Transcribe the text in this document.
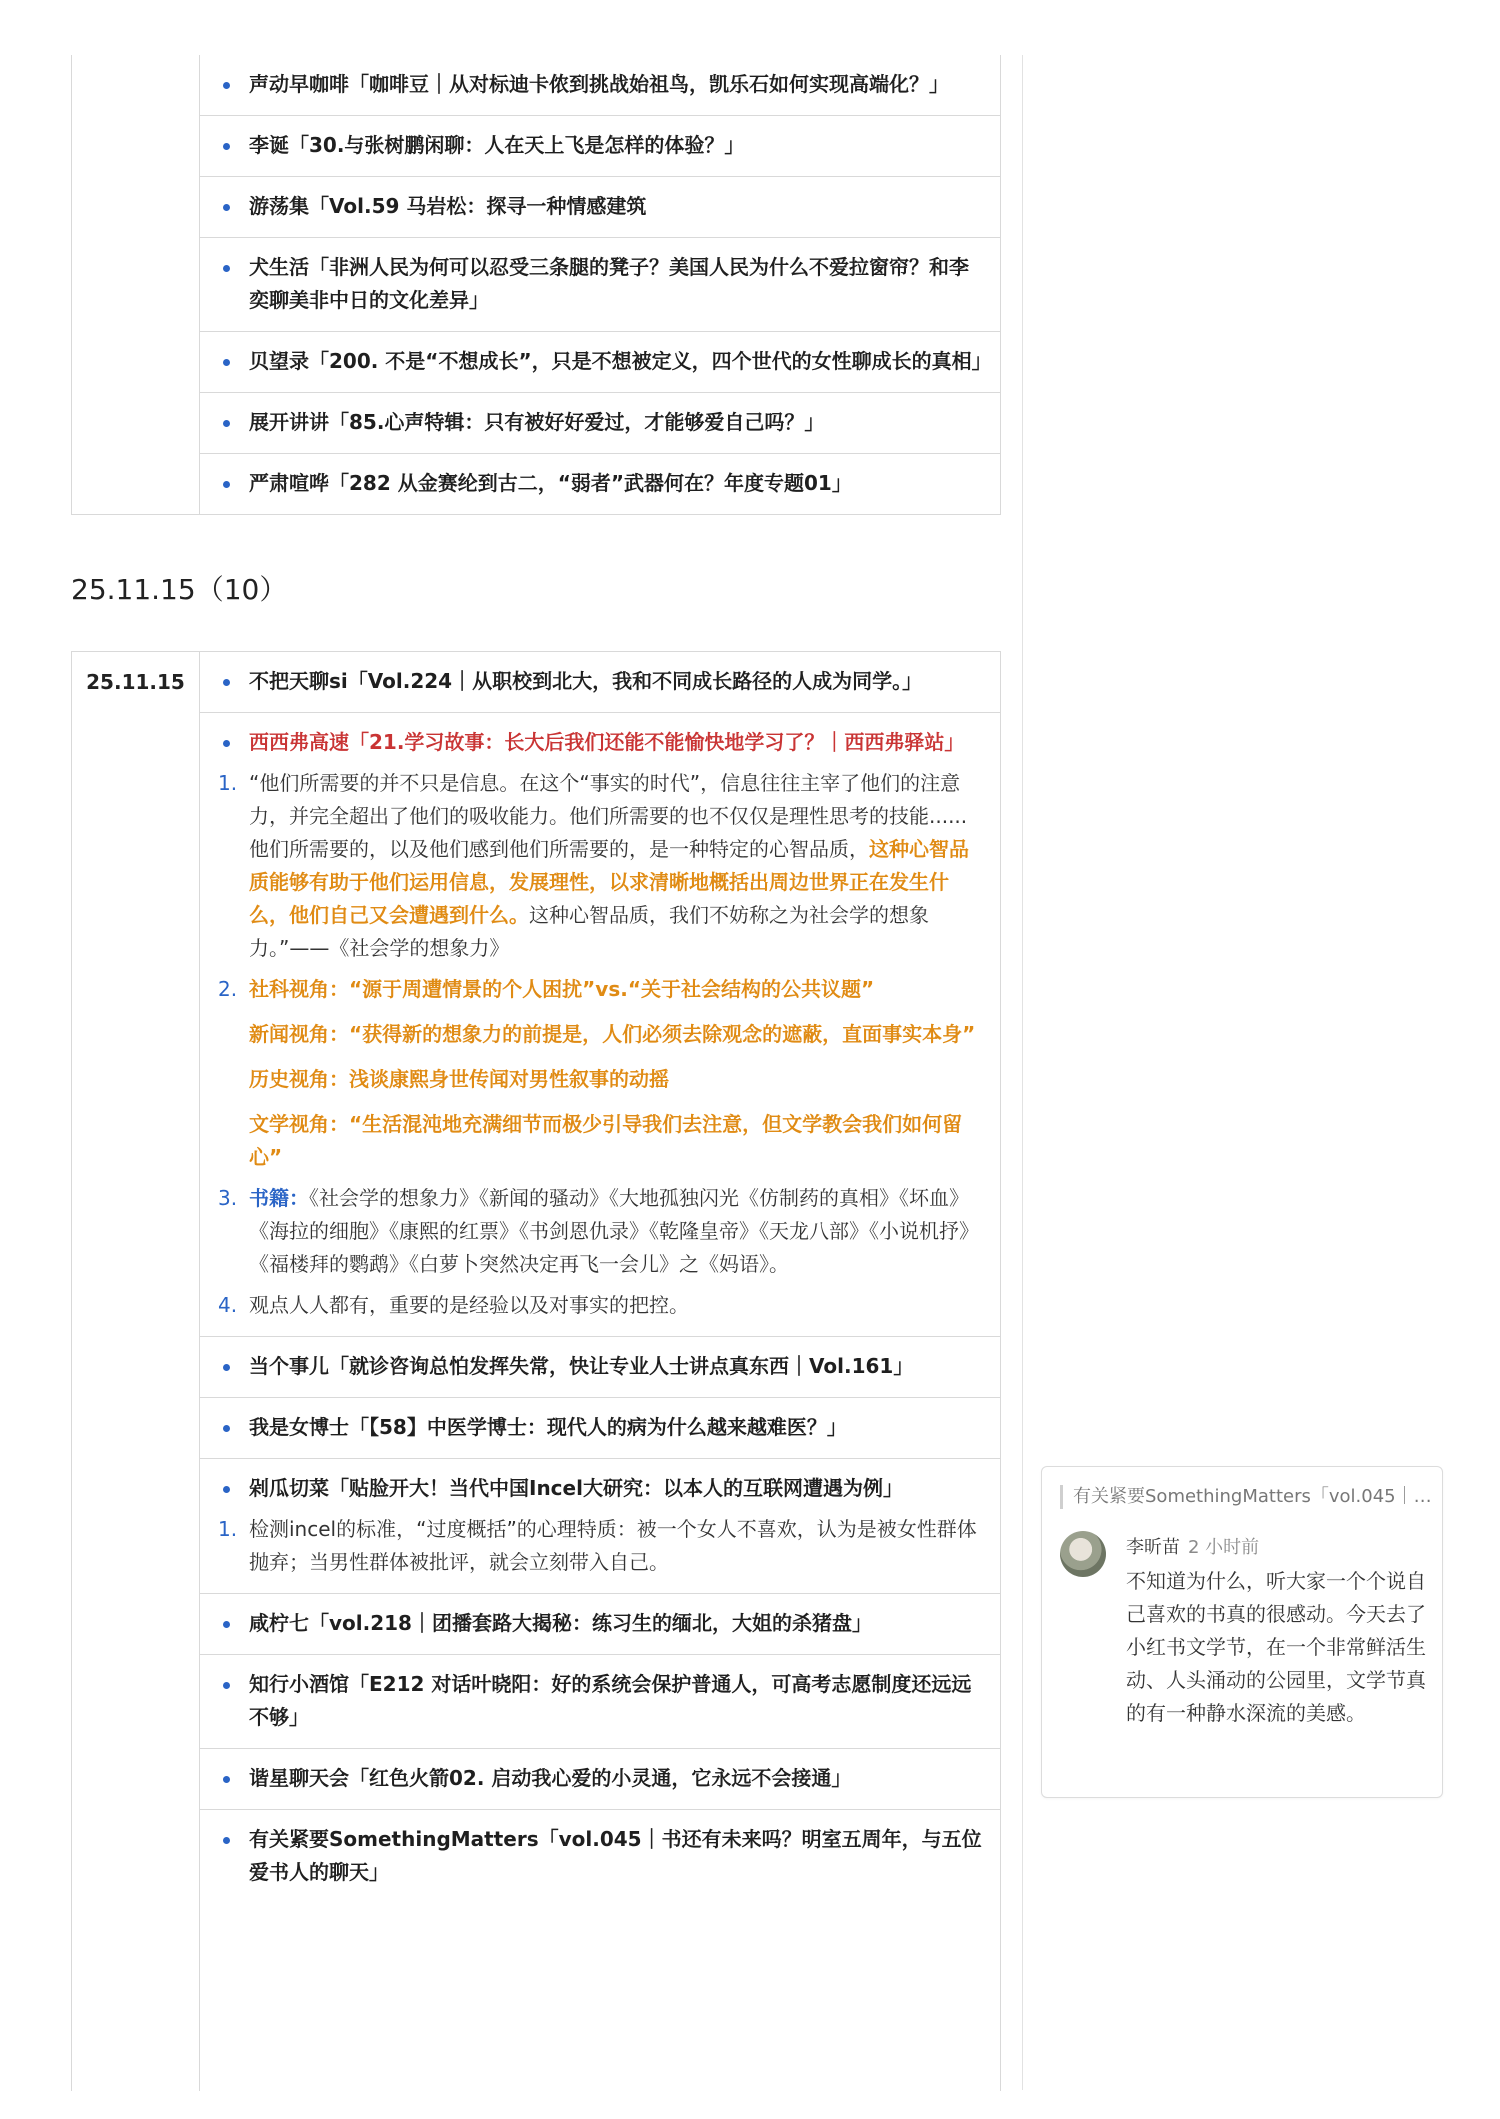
声动早咖啡「咖啡豆｜从对标迪卡侬到挑战始祖鸟，凯乐石如何实现高端化？」
李诞「30.与张树鹏闲聊：人在天上飞是怎样的体验？」
游荡集「Vol.59 马岩松：探寻一种情感建筑
犬生活「非洲人民为何可以忍受三条腿的凳子？美国人民为什么不爱拉窗帘？和李奕聊美非中日的文化差异」
贝望录「200. 不是“不想成长”，只是不想被定义，四个世代的女性聊成长的真相」
展开讲讲「85.心声特辑：只有被好好爱过，才能够爱自己吗？」
严肃喧哗「282 从金赛纶到古二，“弱者”武器何在？年度专题01」
25.11.15（10）
25.11.15	不把天聊si「Vol.224｜从职校到北大，我和不同成长路径的人成为同学。」
西西弗高速「21.学习故事：长大后我们还能不能愉快地学习了？｜西西弗驿站」
1. “他们所需要的并不只是信息。在这个“事实的时代”，信息往往主宰了他们的注意力，并完全超出了他们的吸收能力。他们所需要的也不仅仅是理性思考的技能......他们所需要的，以及他们感到他们所需要的，是一种特定的心智品质，这种心智品质能够有助于他们运用信息，发展理性，以求清晰地概括出周边世界正在发生什么，他们自己又会遭遇到什么。这种心智品质，我们不妨称之为社会学的想象力。”——《社会学的想象力》
2. 社科视角：“源于周遭情景的个人困扰”vs.“关于社会结构的公共议题”

新闻视角：“获得新的想象力的前提是，人们必须去除观念的遮蔽，直面事实本身”

历史视角：浅谈康熙身世传闻对男性叙事的动摇

文学视角：“生活混沌地充满细节而极少引导我们去注意，但文学教会我们如何留心”

3. 书籍：《社会学的想象力》《新闻的骚动》《大地孤独闪光《仿制药的真相》《坏血》《海拉的细胞》《康熙的红票》《书剑恩仇录》《乾隆皇帝》《天龙八部》《小说机抒》《福楼拜的鹦鹉》《白萝卜突然决定再飞一会儿》之《妈语》。
4. 观点人人都有，重要的是经验以及对事实的把控。
当个事儿「就诊咨询总怕发挥失常，快让专业人士讲点真东西｜Vol.161」
我是女博士「【58】中医学博士：现代人的病为什么越来越难医？」
剁瓜切菜「贴脸开大！当代中国Incel大研究：以本人的互联网遭遇为例」
1. 检测incel的标准，“过度概括”的心理特质：被一个女人不喜欢，认为是被女性群体抛弃；当男性群体被批评，就会立刻带入自己。
咸柠七「vol.218｜团播套路大揭秘：练习生的缅北，大姐的杀猪盘」
知行小酒馆「E212 对话叶晓阳：好的系统会保护普通人，可高考志愿制度还远远不够」
谐星聊天会「红色火箭02. 启动我心爱的小灵通，它永远不会接通」
有关紧要SomethingMatters「vol.045｜书还有未来吗？明室五周年，与五位爱书人的聊天」
有关紧要SomethingMatters「vol.045｜…
李昕苗 2 小时前
不知道为什么，听大家一个个说自己喜欢的书真的很感动。今天去了小红书文学节，在一个非常鲜活生动、人头涌动的公园里，文学节真的有一种静水深流的美感。
